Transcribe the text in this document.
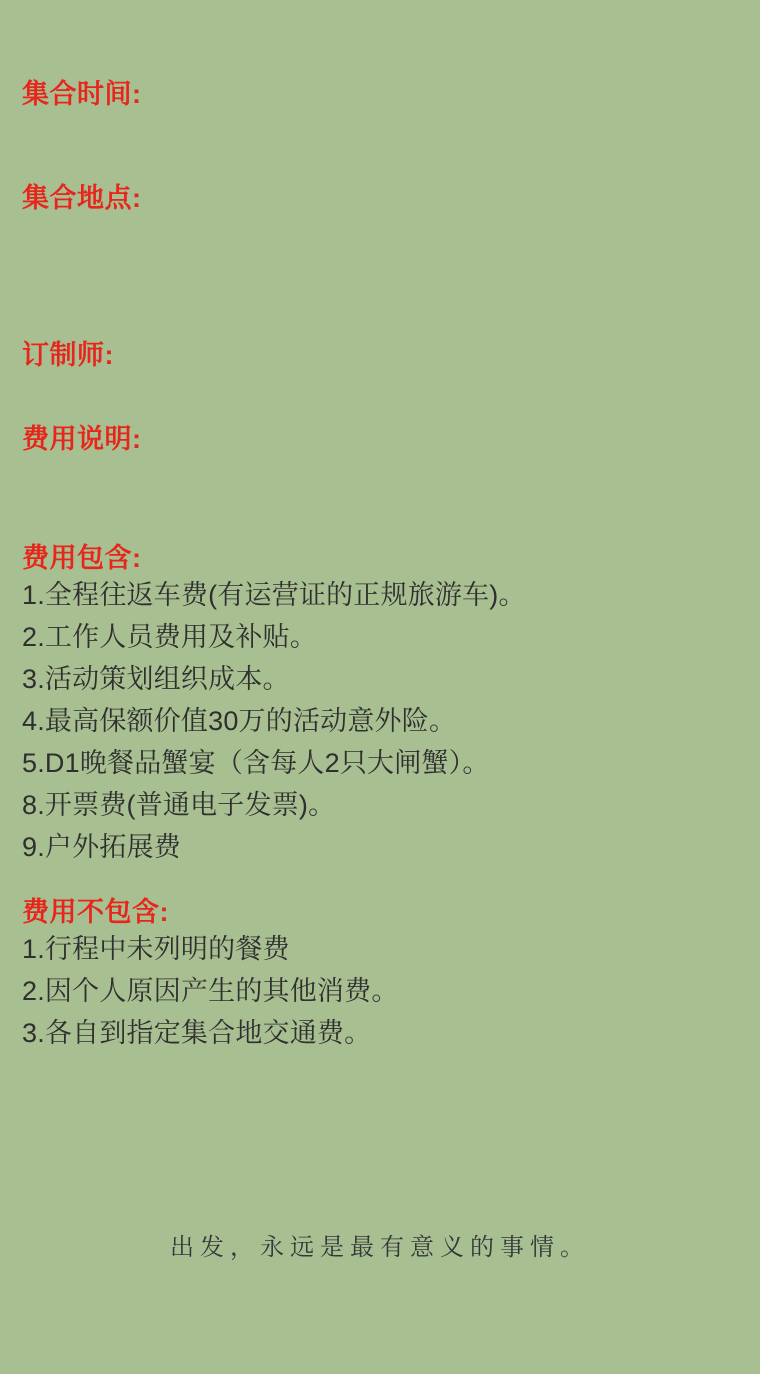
集合时间:
集合地点:
订制师:
费用说明:
费用包含:
1.全程往返车费(有运营证的正规旅游车)。
2.工作人员费用及补贴。
3.活动策划组织成本。
4.最高保额价值30万的活动意外险。
5.D1晚餐品蟹宴（含每人2只大闸蟹）。
8.开票费(普通电子发票)。
9.户外拓展费
费用不包含:
1.行程中未列明的餐费
2.因个人原因产生的其他消费。
3.各自到指定集合地交通费。
出发，永远是最有意义的事情。
